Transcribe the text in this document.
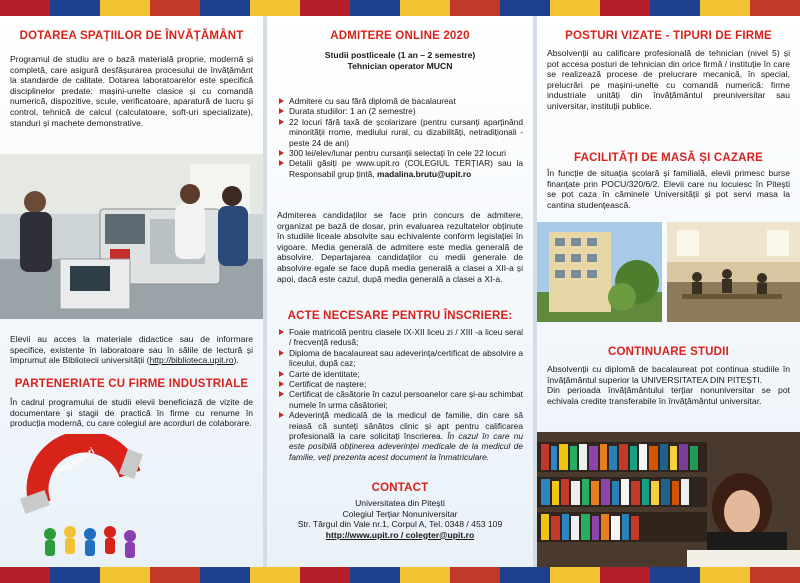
DOTAREA SPAȚIILOR DE ÎNVĂȚĂMÂNT

Programul de studiu are o bază materială proprie, modernă și completă, care asigură desfășurarea procesului de învățământ la standarde de calitate. Dotarea laboratoarelor este specifică disciplinelor predate: mașini-unelte clasice și cu comandă numerică, dispozitive, scule, verificatoare, aparatură de lucru și control, tehnică de calcul (calculatoare, soft-uri specializate), standuri și machete demonstrative.

Elevii au acces la materiale didactice sau de informare specifice, existente în laboratoare sau în sălile de lectură și împrumut ale Bibliotecii universității (http://biblioteca.upit.ro).

PARTENERIATE CU FIRME INDUSTRIALE

În cadrul programului de studii elevii beneficiază de vizite de documentare și stagii de practică în firme cu renume în producția modernă, cu care colegiul are acorduri de colaborare.

Angajatori
ADMITERE ONLINE 2020

Studii postliceale (1 an – 2 semestre)

Tehnician operator MUCN

Admitere cu sau fără diplomă de bacalaureat
Durata studiilor: 1 an (2 semestre)
22 locuri fără taxă de școlarizare (pentru cursanți aparținând minorității rrome, mediului rural, cu dizabilități, netradiționali - peste 24 de ani)
300 lei/elev/lunar pentru cursanții selectați în cele 22 locuri
Detalii găsiți pe www.upit.ro (COLEGIUL TERȚIAR) sau la Responsabil grup țintă, madalina.brutu@upit.ro

Admiterea candidaților se face prin concurs de admitere, organizat pe bază de dosar, prin evaluarea rezultatelor obținute în studiile liceale absolvite sau echivalente conform legislației în vigoare. Media generală de admitere este media generală de absolvire. Departajarea candidaților cu medii generale de absolvire egale se face după media generală a clasei a XII-a și apoi, dacă este cazul, după media generală a clasei a XI-a.

ACTE NECESARE PENTRU ÎNSCRIERE:
Foaie matricolă pentru clasele IX-XII liceu zi / XIII -a liceu seral / frecvență redusă;
Diploma de bacalaureat sau adeverința/certificat de absolvire a liceului, după caz;
Carte de identitate;
Certificat de naștere;
Certificat de căsătorie în cazul persoanelor care și-au schimbat numele în urma căsătoriei;
Adeverință medicală de la medicul de familie, din care să reiasă că sunteți sănătos clinic și apt pentru calificarea profesională la care solicitați înscrierea. În cazul în care nu este posibilă obținerea adeverinței medicale de la medicul de familie, veți prezenta acest document la înmatriculare.
CONTACT

Universitatea din Pitești

Colegiul Terțiar Nonuniversitar

Str. Târgul din Vale nr.1, Corpul A, Tel. 0348 / 453 109

http://www.upit.ro / colegter@upit.ro

POSTURI VIZATE - TIPURI DE FIRME

Absolvenții au calificare profesională de tehnician (nivel 5) și pot accesa posturi de tehnician din orice firmă / instituție în care se realizează procese de prelucrare mecanică, în special, prelucrări pe mașini-unelte cu comandă numerică: firme industriale unități din învățământul preuniversitar sau universitar, instituții publice.

FACILITĂȚI DE MASĂ ȘI CAZARE

În funcție de situația școlară și familială, elevii primesc burse finanțate prin POCU/320/6/2. Elevii care nu locuiesc în Pitești se pot caza în căminele Universității și pot servi masa la cantina studențească.

CONTINUARE STUDII

Absolvenții cu diplomă de bacalaureat pot continua studiile în învățământul superior la UNIVERSITATEA DIN PITEȘTI.

Din perioada învățământului terțiar nonuniversitar se pot echivala credite transferabile în învățământul universitar.
